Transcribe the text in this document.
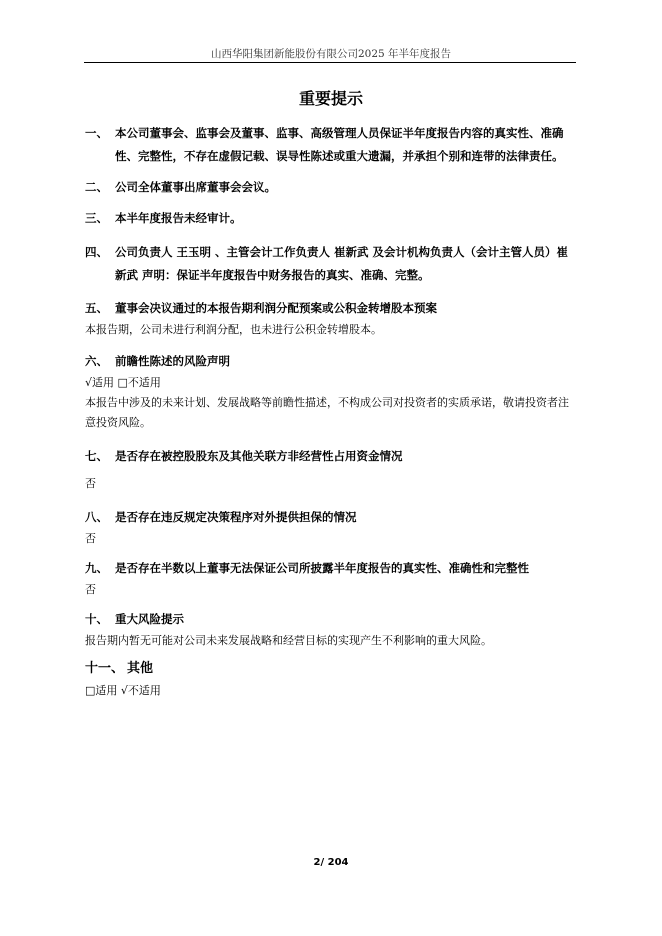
山西华阳集团新能股份有限公司2025 年半年度报告
重要提示
一、 本公司董事会、监事会及董事、监事、高级管理人员保证半年度报告内容的真实性、准确性、完整性，不存在虚假记载、误导性陈述或重大遗漏，并承担个别和连带的法律责任。
二、 公司全体董事出席董事会会议。
三、 本半年度报告未经审计。
四、 公司负责人 王玉明 、主管会计工作负责人 崔新武 及会计机构负责人（会计主管人员）崔新武 声明：保证半年度报告中财务报告的真实、准确、完整。
五、 董事会决议通过的本报告期利润分配预案或公积金转增股本预案

本报告期，公司未进行利润分配，也未进行公积金转增股本。

六、 前瞻性陈述的风险声明

√适用 □不适用

本报告中涉及的未来计划、发展战略等前瞻性描述，不构成公司对投资者的实质承诺，敬请投资者注意投资风险。

七、 是否存在被控股股东及其他关联方非经营性占用资金情况

否

八、 是否存在违反规定决策程序对外提供担保的情况

否

九、 是否存在半数以上董事无法保证公司所披露半年度报告的真实性、准确性和完整性

否

十、 重大风险提示

报告期内暂无可能对公司未来发展战略和经营目标的实现产生不利影响的重大风险。

十一、 其他

□适用 √不适用

2/ 204
